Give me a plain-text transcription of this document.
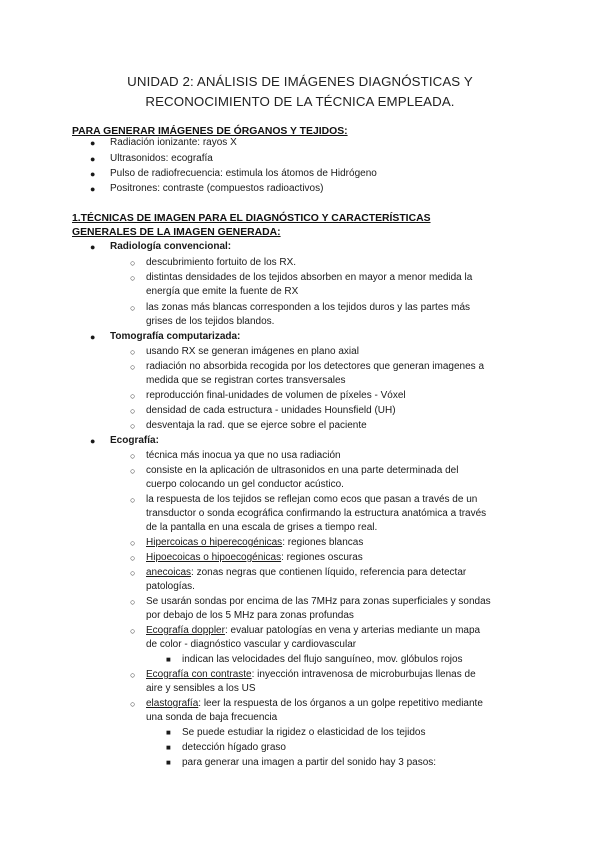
UNIDAD 2: ANÁLISIS DE IMÁGENES DIAGNÓSTICAS Y
RECONOCIMIENTO DE LA TÉCNICA EMPLEADA.
PARA GENERAR IMÁGENES DE ÓRGANOS Y TEJIDOS:
● Radiación ionizante: rayos X
● Ultrasonidos: ecografía
● Pulso de radiofrecuencia: estimula los átomos de Hidrógeno
● Positrones: contraste (compuestos radioactivos)
1.TÉCNICAS DE IMAGEN PARA EL DIAGNÓSTICO Y CARACTERÍSTICAS
GENERALES DE LA IMAGEN GENERADA:
● Radiología convencional:
○ descubrimiento fortuito de los RX.
○ distintas densidades de los tejidos absorben en mayor a menor medida la
energía que emite la fuente de RX
○ las zonas más blancas corresponden a los tejidos duros y las partes más
grises de los tejidos blandos.
● Tomografía computarizada:
○ usando RX se generan imágenes en plano axial
○ radiación no absorbida recogida por los detectores que generan imagenes a
medida que se registran cortes transversales
○ reproducción final-unidades de volumen de píxeles - Vóxel
○ densidad de cada estructura - unidades Hounsfield (UH)
○ desventaja la rad. que se ejerce sobre el paciente
● Ecografía:
○ técnica más inocua ya que no usa radiación
○ consiste en la aplicación de ultrasonidos en una parte determinada del
cuerpo colocando un gel conductor acústico.
○ la respuesta de los tejidos se reflejan como ecos que pasan a través de un
transductor o sonda ecográfica confirmando la estructura anatómica a través
de la pantalla en una escala de grises a tiempo real.
○ Hipercoicas o hiperecogénicas: regiones blancas
○ Hipoecoicas o hipoecogénicas: regiones oscuras
○ anecoicas: zonas negras que contienen líquido, referencia para detectar
patologías.
○ Se usarán sondas por encima de las 7MHz para zonas superficiales y sondas
por debajo de los 5 MHz para zonas profundas
○ Ecografía doppler: evaluar patologías en vena y arterias mediante un mapa
de color - diagnóstico vascular y cardiovascular
■ indican las velocidades del flujo sanguíneo, mov. glóbulos rojos
○ Ecografía con contraste: inyección intravenosa de microburbujas llenas de
aire y sensibles a los US
○ elastografía: leer la respuesta de los órganos a un golpe repetitivo mediante
una sonda de baja frecuencia
■ Se puede estudiar la rigidez o elasticidad de los tejidos
■ detección hígado graso
■ para generar una imagen a partir del sonido hay 3 pasos:
